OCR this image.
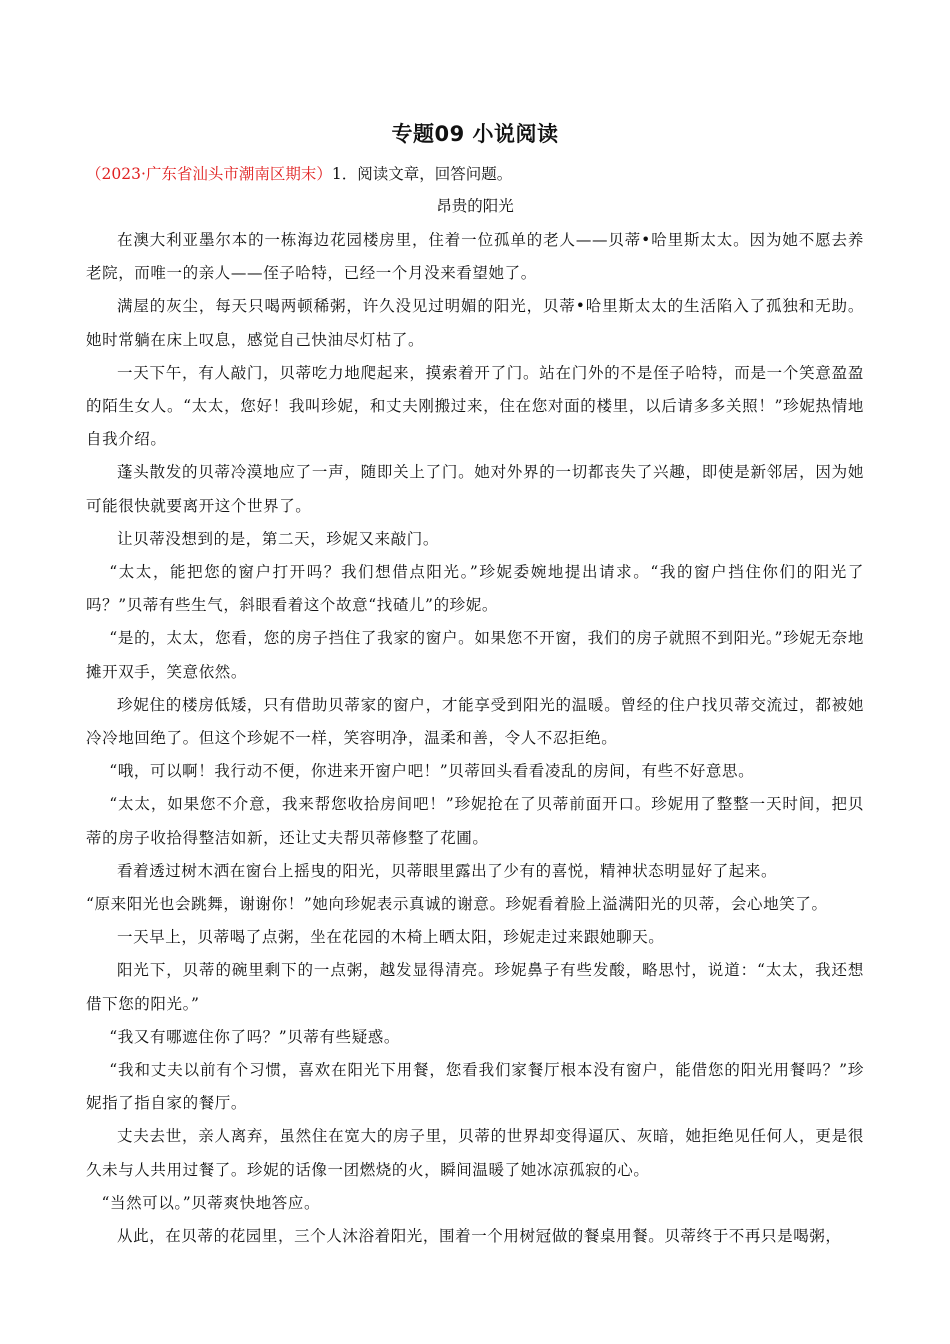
专题09 小说阅读
（2023·广东省汕头市潮南区期末）1．阅读文章，回答问题。
昂贵的阳光

在澳大利亚墨尔本的一栋海边花园楼房里，住着一位孤单的老人——贝蒂•哈里斯太太。因为她不愿去养老院，而唯一的亲人——侄子哈特，已经一个月没来看望她了。

满屋的灰尘，每天只喝两顿稀粥，许久没见过明媚的阳光，贝蒂•哈里斯太太的生活陷入了孤独和无助。她时常躺在床上叹息，感觉自己快油尽灯枯了。

一天下午，有人敲门，贝蒂吃力地爬起来，摸索着开了门。站在门外的不是侄子哈特，而是一个笑意盈盈的陌生女人。“太太，您好！我叫珍妮，和丈夫刚搬过来，住在您对面的楼里，以后请多多关照！”珍妮热情地自我介绍。

蓬头散发的贝蒂冷漠地应了一声，随即关上了门。她对外界的一切都丧失了兴趣，即使是新邻居，因为她可能很快就要离开这个世界了。

让贝蒂没想到的是，第二天，珍妮又来敲门。

“太太，能把您的窗户打开吗？我们想借点阳光。”珍妮委婉地提出请求。“我的窗户挡住你们的阳光了吗？”贝蒂有些生气，斜眼看着这个故意“找碴儿”的珍妮。

“是的，太太，您看，您的房子挡住了我家的窗户。如果您不开窗，我们的房子就照不到阳光。”珍妮无奈地摊开双手，笑意依然。

珍妮住的楼房低矮，只有借助贝蒂家的窗户，才能享受到阳光的温暖。曾经的住户找贝蒂交流过，都被她冷冷地回绝了。但这个珍妮不一样，笑容明净，温柔和善，令人不忍拒绝。

“哦，可以啊！我行动不便，你进来开窗户吧！”贝蒂回头看看凌乱的房间，有些不好意思。

“太太，如果您不介意，我来帮您收拾房间吧！”珍妮抢在了贝蒂前面开口。珍妮用了整整一天时间，把贝蒂的房子收拾得整洁如新，还让丈夫帮贝蒂修整了花圃。

看着透过树木洒在窗台上摇曳的阳光，贝蒂眼里露出了少有的喜悦，精神状态明显好了起来。

“原来阳光也会跳舞，谢谢你！”她向珍妮表示真诚的谢意。珍妮看着脸上溢满阳光的贝蒂，会心地笑了。

一天早上，贝蒂喝了点粥，坐在花园的木椅上晒太阳，珍妮走过来跟她聊天。

阳光下，贝蒂的碗里剩下的一点粥，越发显得清亮。珍妮鼻子有些发酸，略思忖，说道：“太太，我还想借下您的阳光。”

“我又有哪遮住你了吗？”贝蒂有些疑惑。

“我和丈夫以前有个习惯，喜欢在阳光下用餐，您看我们家餐厅根本没有窗户，能借您的阳光用餐吗？”珍妮指了指自家的餐厅。

丈夫去世，亲人离弃，虽然住在宽大的房子里，贝蒂的世界却变得逼仄、灰暗，她拒绝见任何人，更是很久未与人共用过餐了。珍妮的话像一团燃烧的火，瞬间温暖了她冰凉孤寂的心。

“当然可以。”贝蒂爽快地答应。

从此，在贝蒂的花园里，三个人沐浴着阳光，围着一个用树冠做的餐桌用餐。贝蒂终于不再只是喝粥，
